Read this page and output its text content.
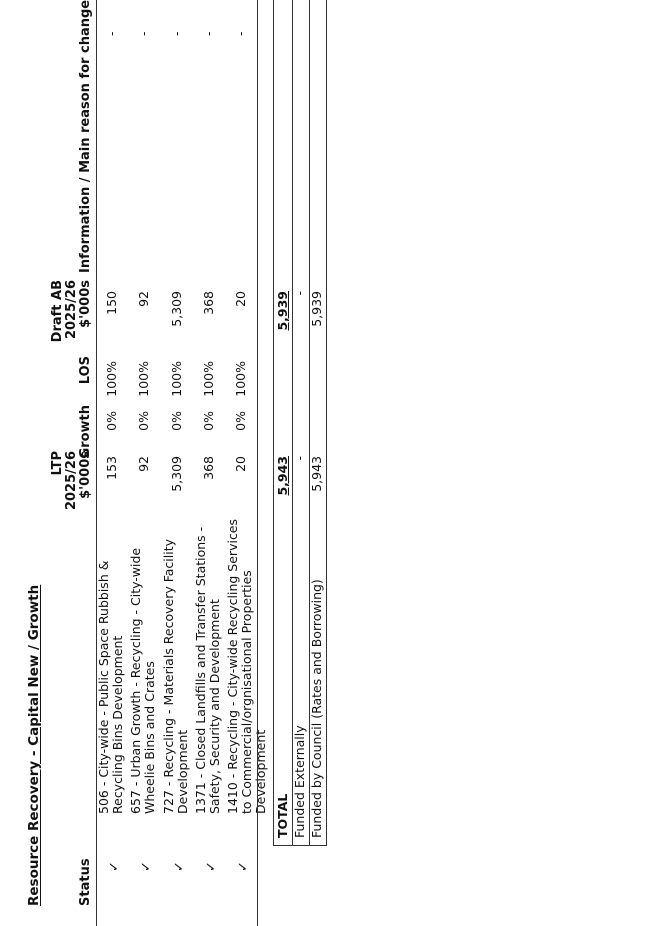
Resource Recovery - Capital New / Growth	Status
LTP 2025/26 $'000s
Growth
LOS
Draft AB 2025/26 $'000s
Information / Main reason for change
✓
506 - City-wide - Public Space Rubbish & Recycling Bins Development
153
0%
100%
150
-
✓
657 - Urban Growth - Recycling - City-wide Wheelie Bins and Crates
92
0%
100%
92
-
✓
727 - Recycling - Materials Recovery Facility Development
5,309
0%
100%
5,309
-
✓
1371 - Closed Landfills and Transfer Stations - Safety, Security and Development
368
0%
100%
368
-
✓
1410 - Recycling - City-wide Recycling Services to Commercial/orgnisational Properties Development
20
0%
100%
20
-
TOTAL
5,943
5,939
Funded Externally
-
-
Funded by Council (Rates and Borrowing)
5,943
5,939
